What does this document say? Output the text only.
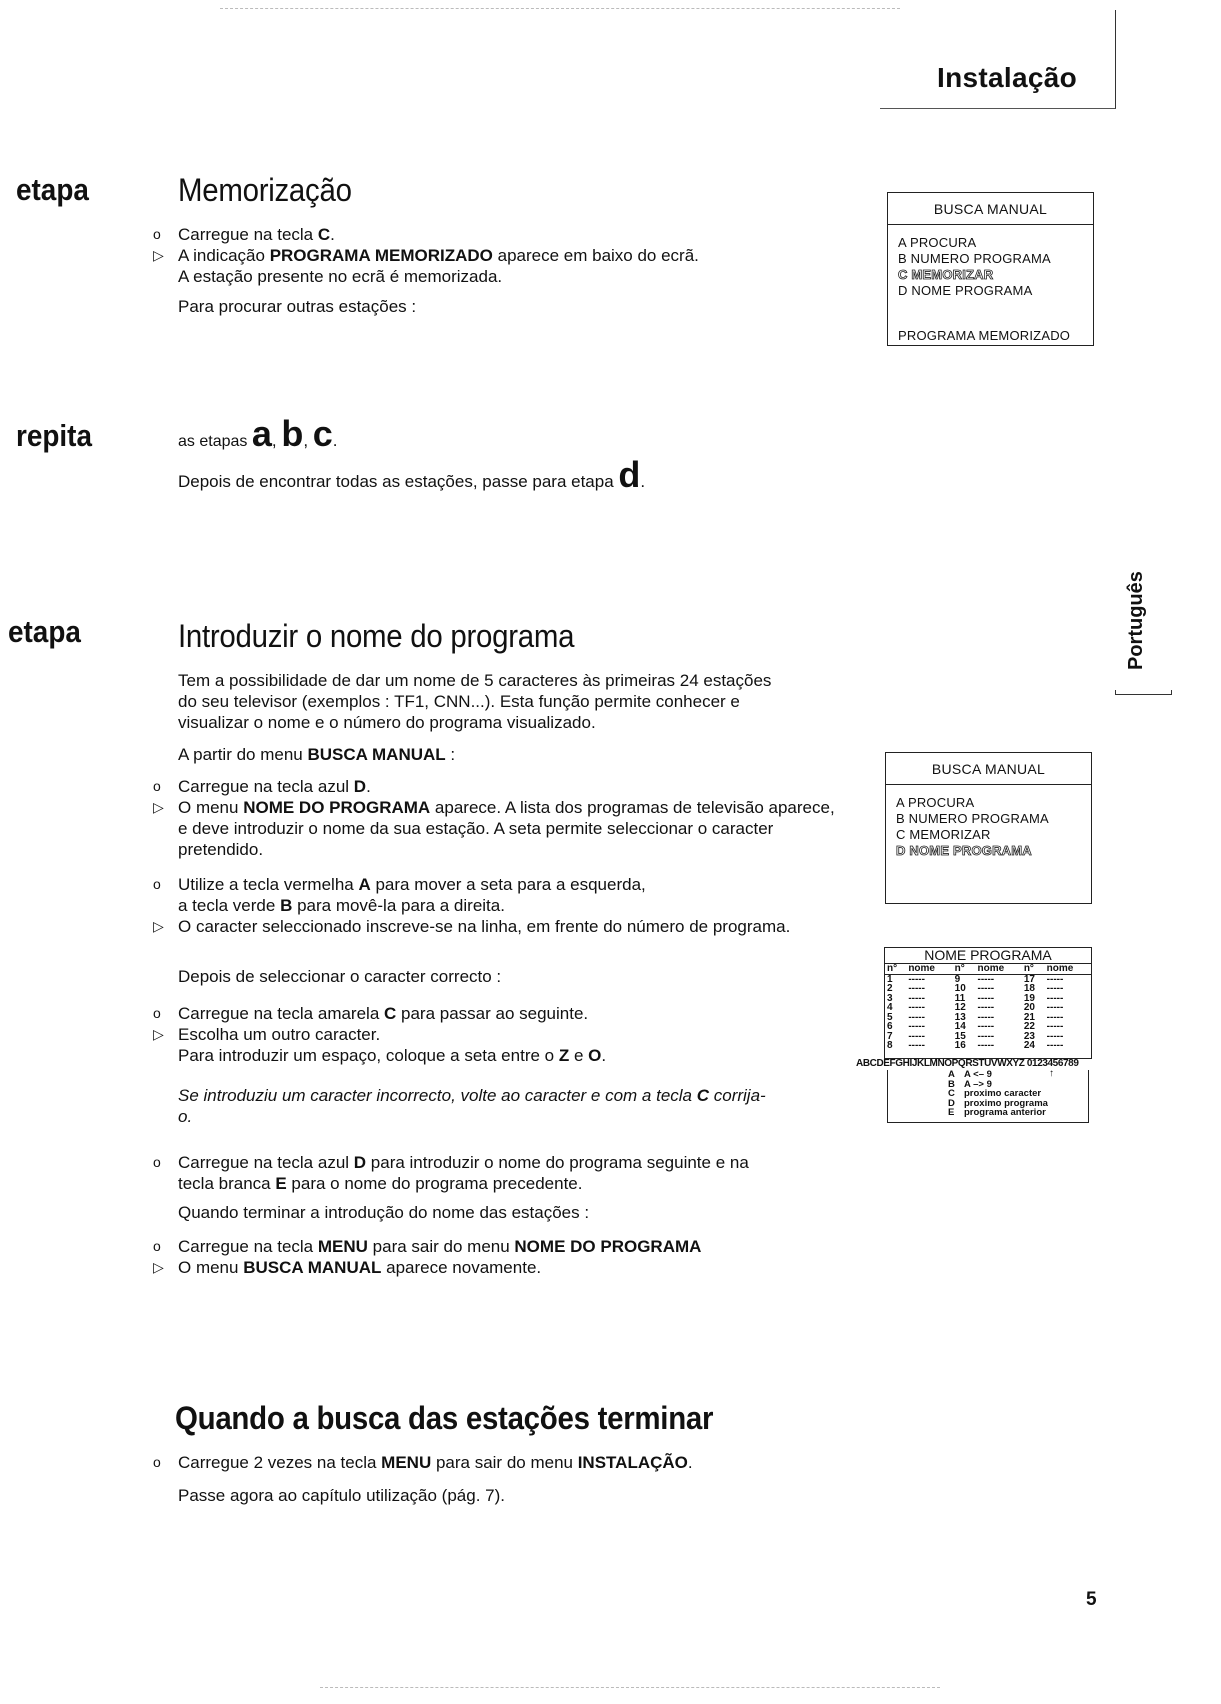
Instalação
etapa	Memorização
o	Carregue na tecla C.
▷ A indicação PROGRAMA MEMORIZADO aparece em baixo do ecrã.
A estação presente no ecrã é memorizada.
Para procurar outras estações :
BUSCA MANUAL
A PROCURA
B NUMERO PROGRAMA
C MEMORIZAR
D NOME PROGRAMA
PROGRAMA MEMORIZADO
repita	as etapas a, b, c.
Depois de encontrar todas as estações, passe para etapa d.
Português
etapa	Introduzir o nome do programa
Tem a possibilidade de dar um nome de 5 caracteres às primeiras 24 estações
do seu televisor (exemplos : TF1, CNN...). Esta função permite conhecer e
visualizar o nome e o número do programa visualizado.
A partir do menu BUSCA MANUAL :
o	Carregue na tecla azul D.
▷ O menu NOME DO PROGRAMA aparece. A lista dos programas de televisão aparece, e deve introduzir o nome da sua estação. A seta permite seleccionar o caracter pretendido.
o	Utilize a tecla vermelha A para mover a seta para a esquerda,
a tecla verde B para movê-la para a direita.
▷ O caracter seleccionado inscreve-se na linha, em frente do número de programa.
Depois de seleccionar o caracter correcto :
o	Carregue na tecla amarela C para passar ao seguinte.
▷ Escolha um outro caracter.
Para introduzir um espaço, coloque a seta entre o Z e O.
Se introduziu um caracter incorrecto, volte ao caracter e com a tecla C corrija-o.
o	Carregue na tecla azul D para introduzir o nome do programa seguinte e na
tecla branca E para o nome do programa precedente.
Quando terminar a introdução do nome das estações :
o	Carregue na tecla MENU para sair do menu NOME DO PROGRAMA
▷ O menu BUSCA MANUAL aparece novamente.
BUSCA MANUAL
A PROCURA
B NUMERO PROGRAMA
C MEMORIZAR
D NOME PROGRAMA
NOME PROGRAMA
n°	nome	n°	nome	n°	nome
1	-----	9	-----	17	-----
2	-----	10	-----	18	-----
3	-----	11	-----	19	-----
4	-----	12	-----	20	-----
5	-----	13	-----	21	-----
6	-----	14	-----	22	-----
7	-----	15	-----	23	-----
8	-----	16	-----	24	-----
ABCDEFGHIJKLMNOPQRSTUVWXYZ 0123456789
↑
A A <– 9
B A –> 9
C proximo caracter
D proximo programa
E programa anterior
Quando a busca das estações terminar
o	Carregue 2 vezes na tecla MENU para sair do menu INSTALAÇÃO.
Passe agora ao capítulo utilização (pág. 7).
5
